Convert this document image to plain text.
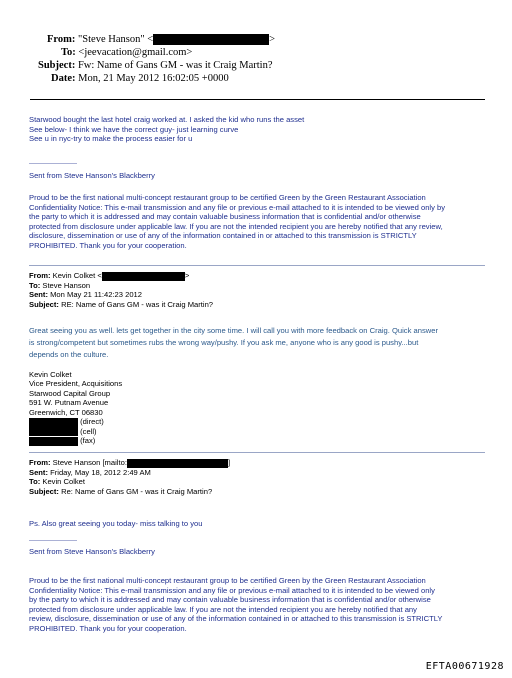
From: "Steve Hanson" <	>
To: <jeevacation@gmail.com>
Subject: Fw: Name of Gans GM - was it Craig Martin?
Date: Mon, 21 May 2012 16:02:05 +0000
Starwood bought the last hotel craig worked at. I asked the kid who runs the asset
See below- I think we have the correct guy- just learning curve
See u in nyc-try to make the process easier for u
------------------------
Sent from Steve Hanson's Blackberry
Proud to be the first national multi-concept restaurant group to be certified Green by the Green Restaurant Association
Confidentiality Notice: This e-mail transmission and any file or previous e-mail attached to it is intended to be viewed only by
the party to which it is addressed and may contain valuable business information that is confidential and/or otherwise
protected from disclosure under applicable law. If you are not the intended recipient you are hereby notified that any review,
disclosure, dissemination or use of any of the information contained in or attached to this transmission is STRICTLY
PROHIBITED. Thank you for your cooperation.
From: Kevin Colket <	>
To: Steve Hanson
Sent: Mon May 21 11:42:23 2012
Subject: RE: Name of Gans GM - was it Craig Martin?
Great seeing you as well. lets get together in the city some time. I will call you with more feedback on Craig. Quick answer
is strong/competent but sometimes rubs the wrong way/pushy. If you ask me, anyone who is any good is pushy...but
depends on the culture.
Kevin Colket
Vice President, Acquisitions
Starwood Capital Group
591 W. Putnam Avenue
Greenwich, CT 06830
(direct)
(cell)
(fax)
From: Steve Hanson [mailto:	]
Sent: Friday, May 18, 2012 2:49 AM
To: Kevin Colket
Subject: Re: Name of Gans GM - was it Craig Martin?
Ps. Also great seeing you today- miss talking to you
------------------------
Sent from Steve Hanson's Blackberry
Proud to be the first national multi-concept restaurant group to be certified Green by the Green Restaurant Association
Confidentiality Notice: This e-mail transmission and any file or previous e-mail attached to it is intended to be viewed only
by the party to which it is addressed and may contain valuable business information that is confidential and/or otherwise
protected from disclosure under applicable law. If you are not the intended recipient you are hereby notified that any
review, disclosure, dissemination or use of any of the information contained in or attached to this transmission is STRICTLY
PROHIBITED. Thank you for your cooperation.
EFTA00671928
